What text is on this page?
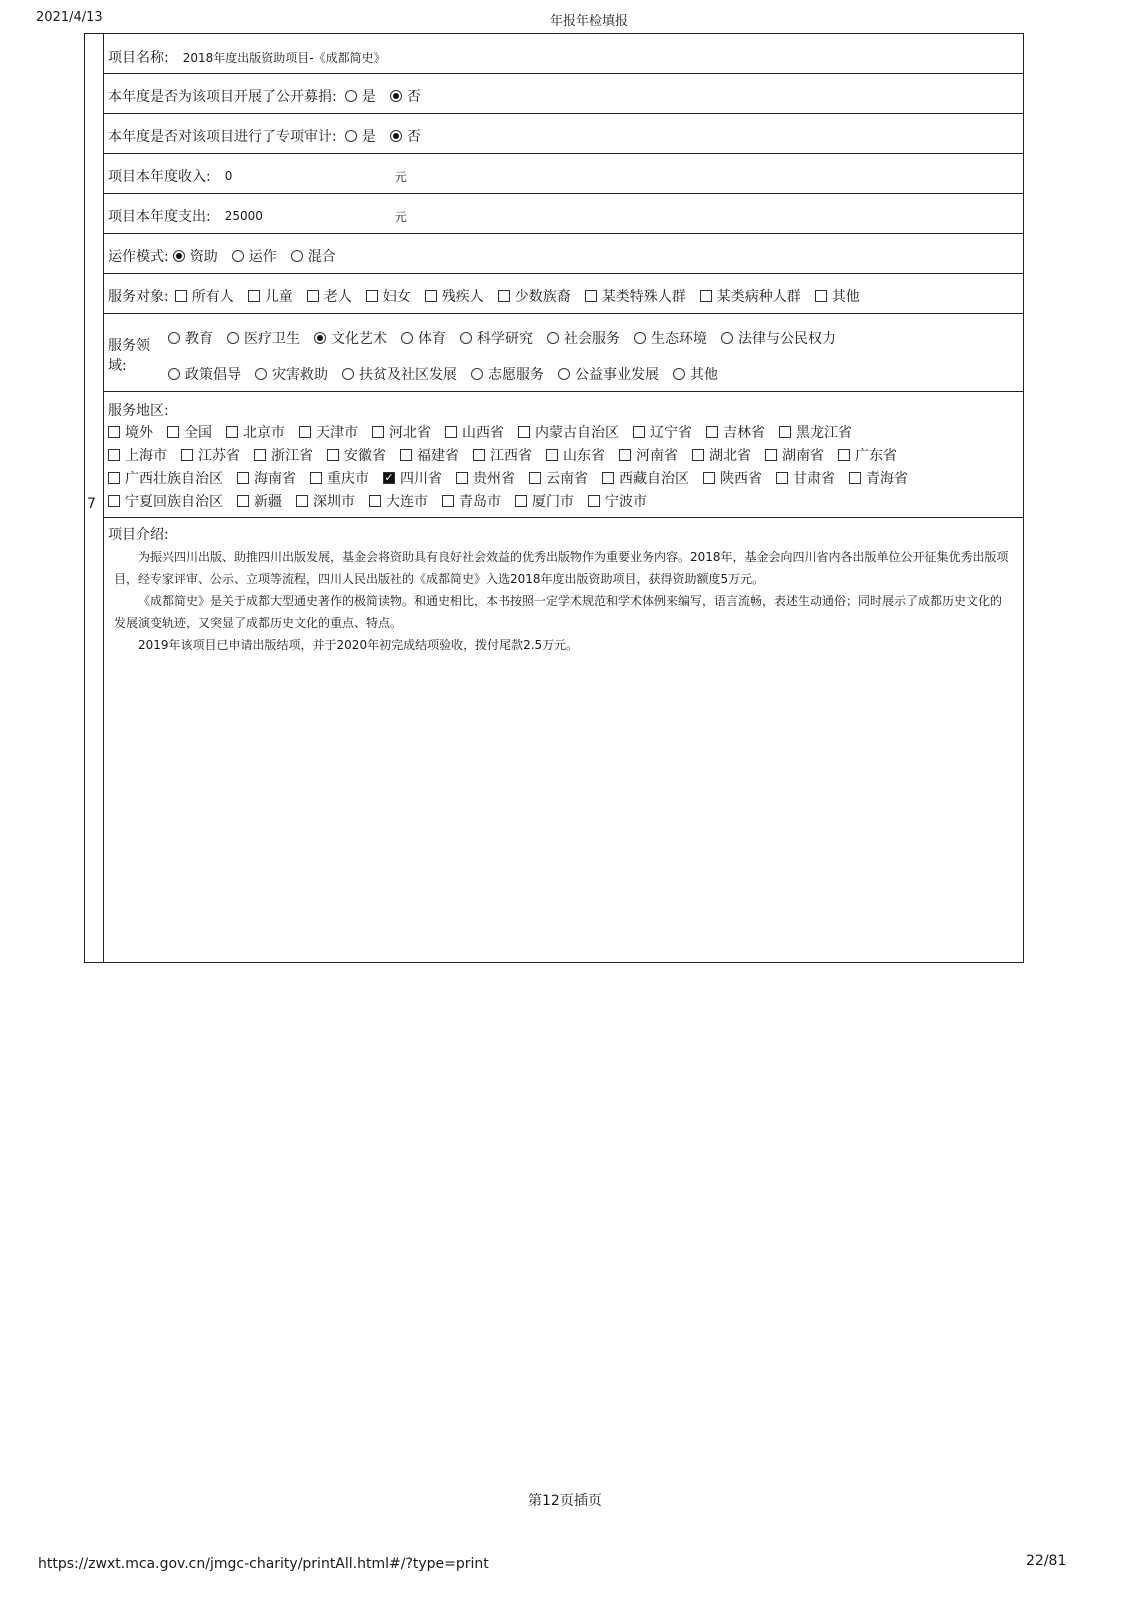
2021/4/13	年报年检填报
7
项目名称: 2018年度出版资助项目-《成都简史》
本年度是否为该项目开展了公开募捐: 是 否
本年度是否对该项目进行了专项审计: 是 否
项目本年度收入: 0	元
项目本年度支出: 25000	元
运作模式: 资助 运作 混合
服务对象: 所有人 儿童 老人 妇女 残疾人 少数族裔 某类特殊人群 某类病种人群 其他
服务领
域:
教育 医疗卫生 文化艺术 体育 科学研究 社会服务 生态环境 法律与公民权力
政策倡导 灾害救助 扶贫及社区发展 志愿服务 公益事业发展 其他
服务地区:
境外 全国 北京市 天津市 河北省 山西省 内蒙古自治区 辽宁省 吉林省 黑龙江省
上海市 江苏省 浙江省 安徽省 福建省 江西省 山东省 河南省 湖北省 湖南省 广东省
广西壮族自治区 海南省 重庆市 ✓ 四川省 贵州省 云南省 西藏自治区 陕西省 甘肃省 青海省
宁夏回族自治区 新疆 深圳市 大连市 青岛市 厦门市 宁波市
项目介绍:

为振兴四川出版、助推四川出版发展，基金会将资助具有良好社会效益的优秀出版物作为重要业务内容。2018年，基金会向四川省内各出版单位公开征集优秀出版项目，经专家评审、公示、立项等流程，四川人民出版社的《成都简史》入选2018年度出版资助项目，获得资助额度5万元。

《成都简史》是关于成都大型通史著作的极简读物。和通史相比，本书按照一定学术规范和学术体例来编写，语言流畅，表述生动通俗；同时展示了成都历史文化的发展演变轨迹，又突显了成都历史文化的重点、特点。

2019年该项目已申请出版结项，并于2020年初完成结项验收，拨付尾款2.5万元。

第12页插页
https://zwxt.mca.gov.cn/jmgc-charity/printAll.html#/?type=print	22/81
